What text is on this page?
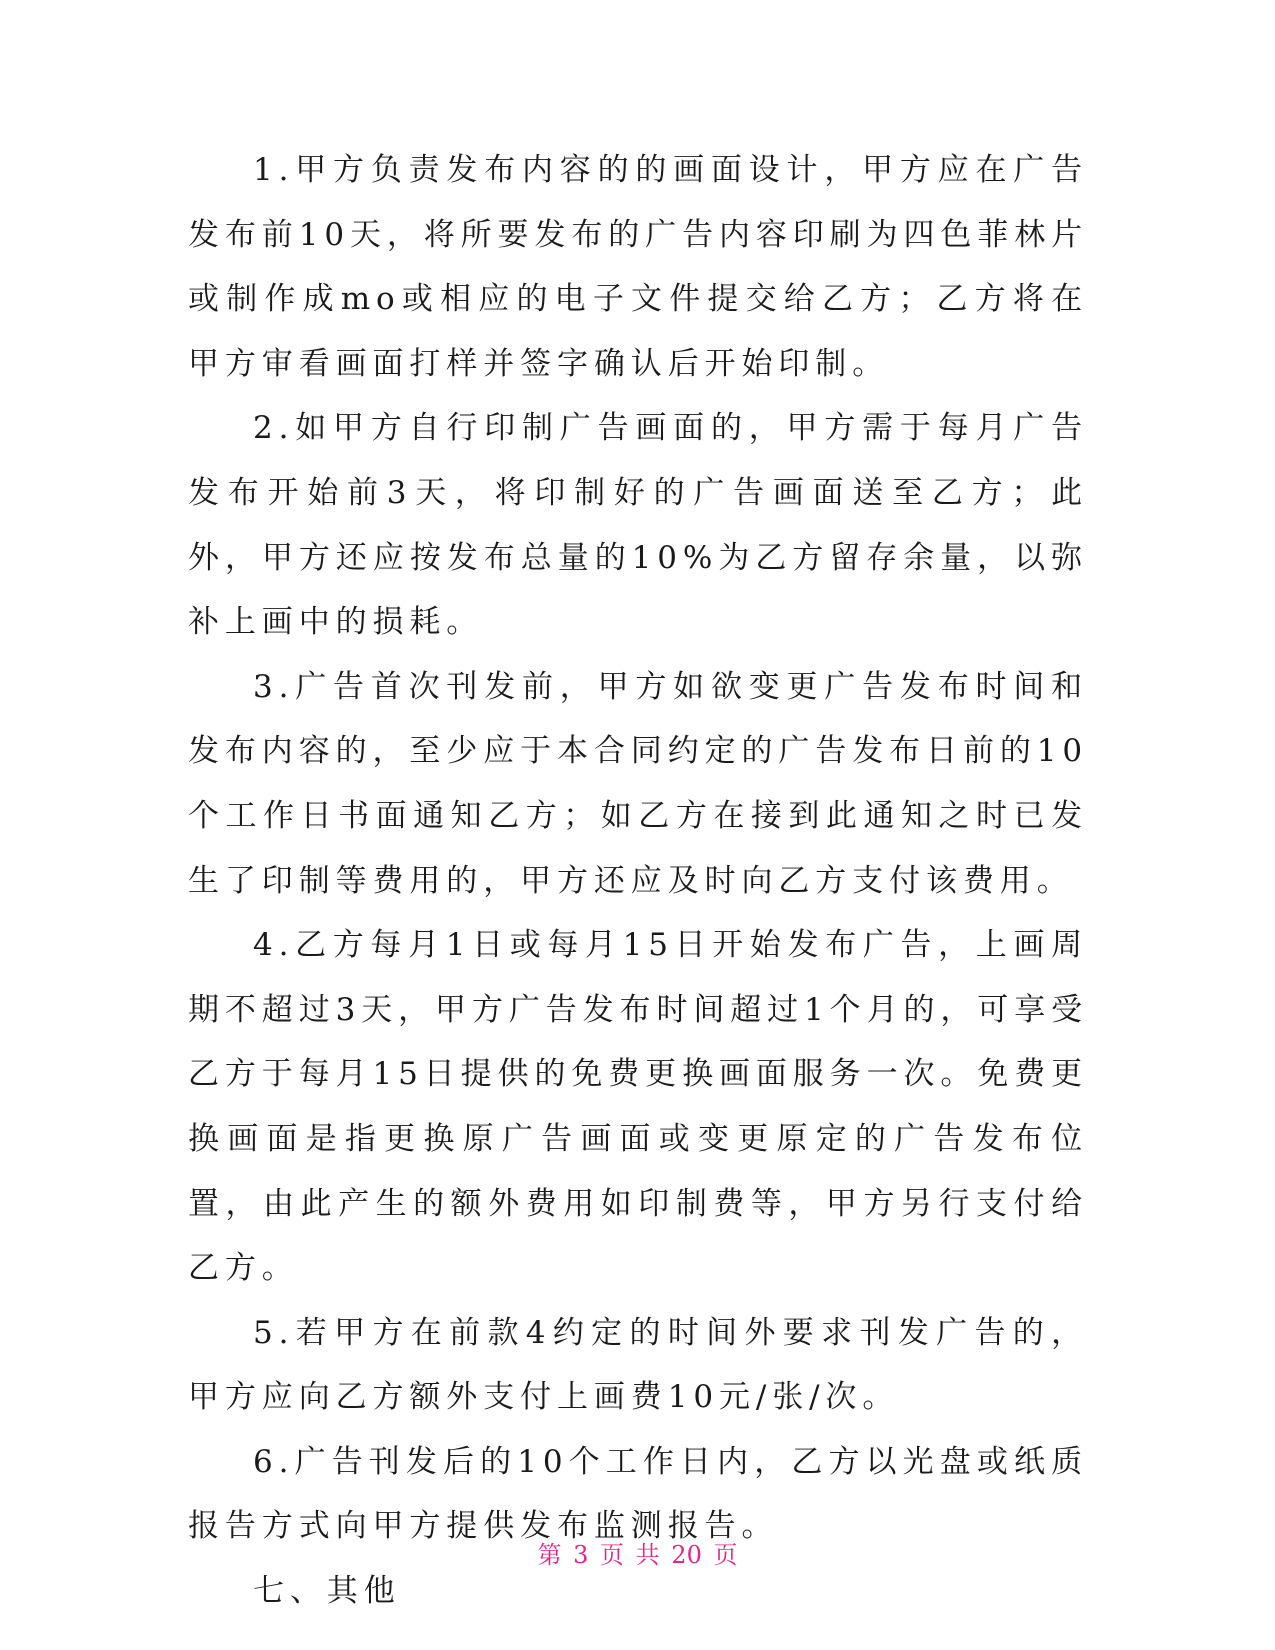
1.甲方负责发布内容的的画面设计，甲方应在广告发布前10天，将所要发布的广告内容印刷为四色菲林片或制作成mo或相应的电子文件提交给乙方；乙方将在甲方审看画面打样并签字确认后开始印制。

2.如甲方自行印制广告画面的，甲方需于每月广告发布开始前3天，将印制好的广告画面送至乙方；此外，甲方还应按发布总量的10%为乙方留存余量，以弥补上画中的损耗。

3.广告首次刊发前，甲方如欲变更广告发布时间和发布内容的，至少应于本合同约定的广告发布日前的10个工作日书面通知乙方；如乙方在接到此通知之时已发生了印制等费用的，甲方还应及时向乙方支付该费用。

4.乙方每月1日或每月15日开始发布广告，上画周期不超过3天，甲方广告发布时间超过1个月的，可享受乙方于每月15日提供的免费更换画面服务一次。免费更换画面是指更换原广告画面或变更原定的广告发布位置，由此产生的额外费用如印制费等，甲方另行支付给乙方。

5.若甲方在前款4约定的时间外要求刊发广告的，甲方应向乙方额外支付上画费10元/张/次。

6.广告刊发后的10个工作日内，乙方以光盘或纸质报告方式向甲方提供发布监测报告。

七、其他

第 3 页 共 20 页
